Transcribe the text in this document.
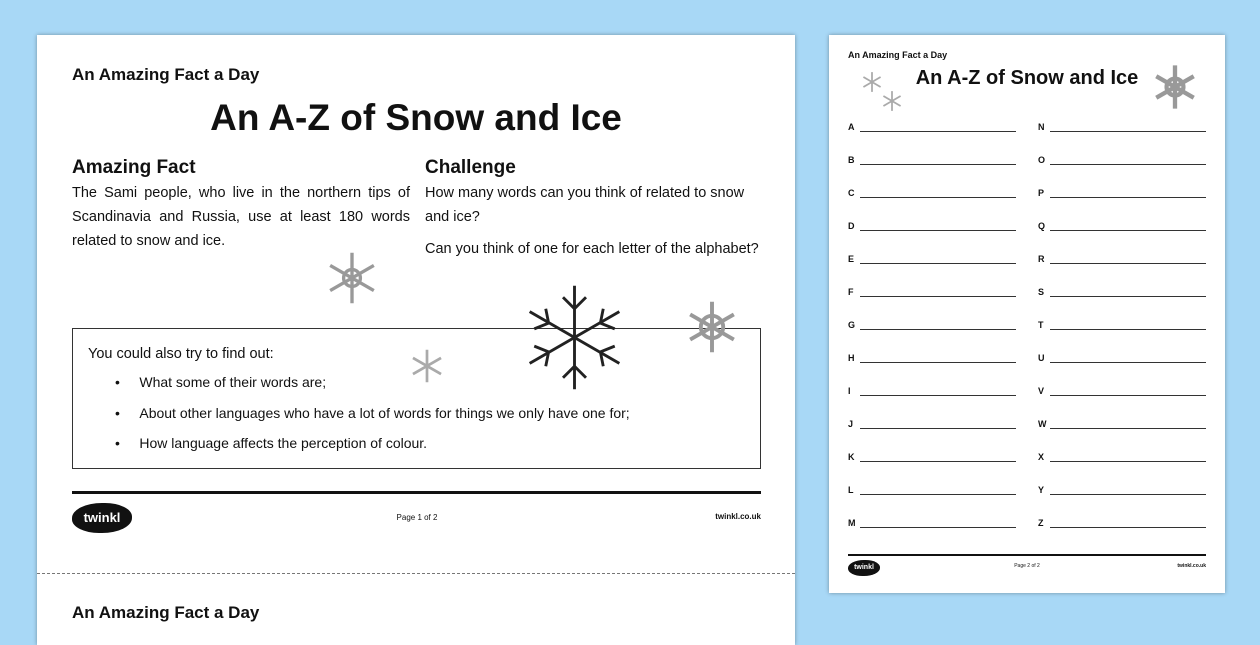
An Amazing Fact a Day
An A-Z of Snow and Ice
Amazing Fact
The Sami people, who live in the northern tips of Scandinavia and Russia, use at least 180 words related to snow and ice.
Challenge
How many words can you think of related to snow and ice?
Can you think of one for each letter of the alphabet?
You could also try to find out:
•     What some of their words are;
•     About other languages who have a lot of words for things we only have one for;
•     How language affects the perception of colour.
twinkl	Page 1 of 2	twinkl.co.uk
An Amazing Fact a Day
An Amazing Fact a Day
An A-Z of Snow and Ice
A	N
B	O
C	P
D	Q
E	R
F	S
G	T
H	U
I	V
J	W
K	X
L	Y
M	Z
twinkl	Page 2 of 2	twinkl.co.uk
